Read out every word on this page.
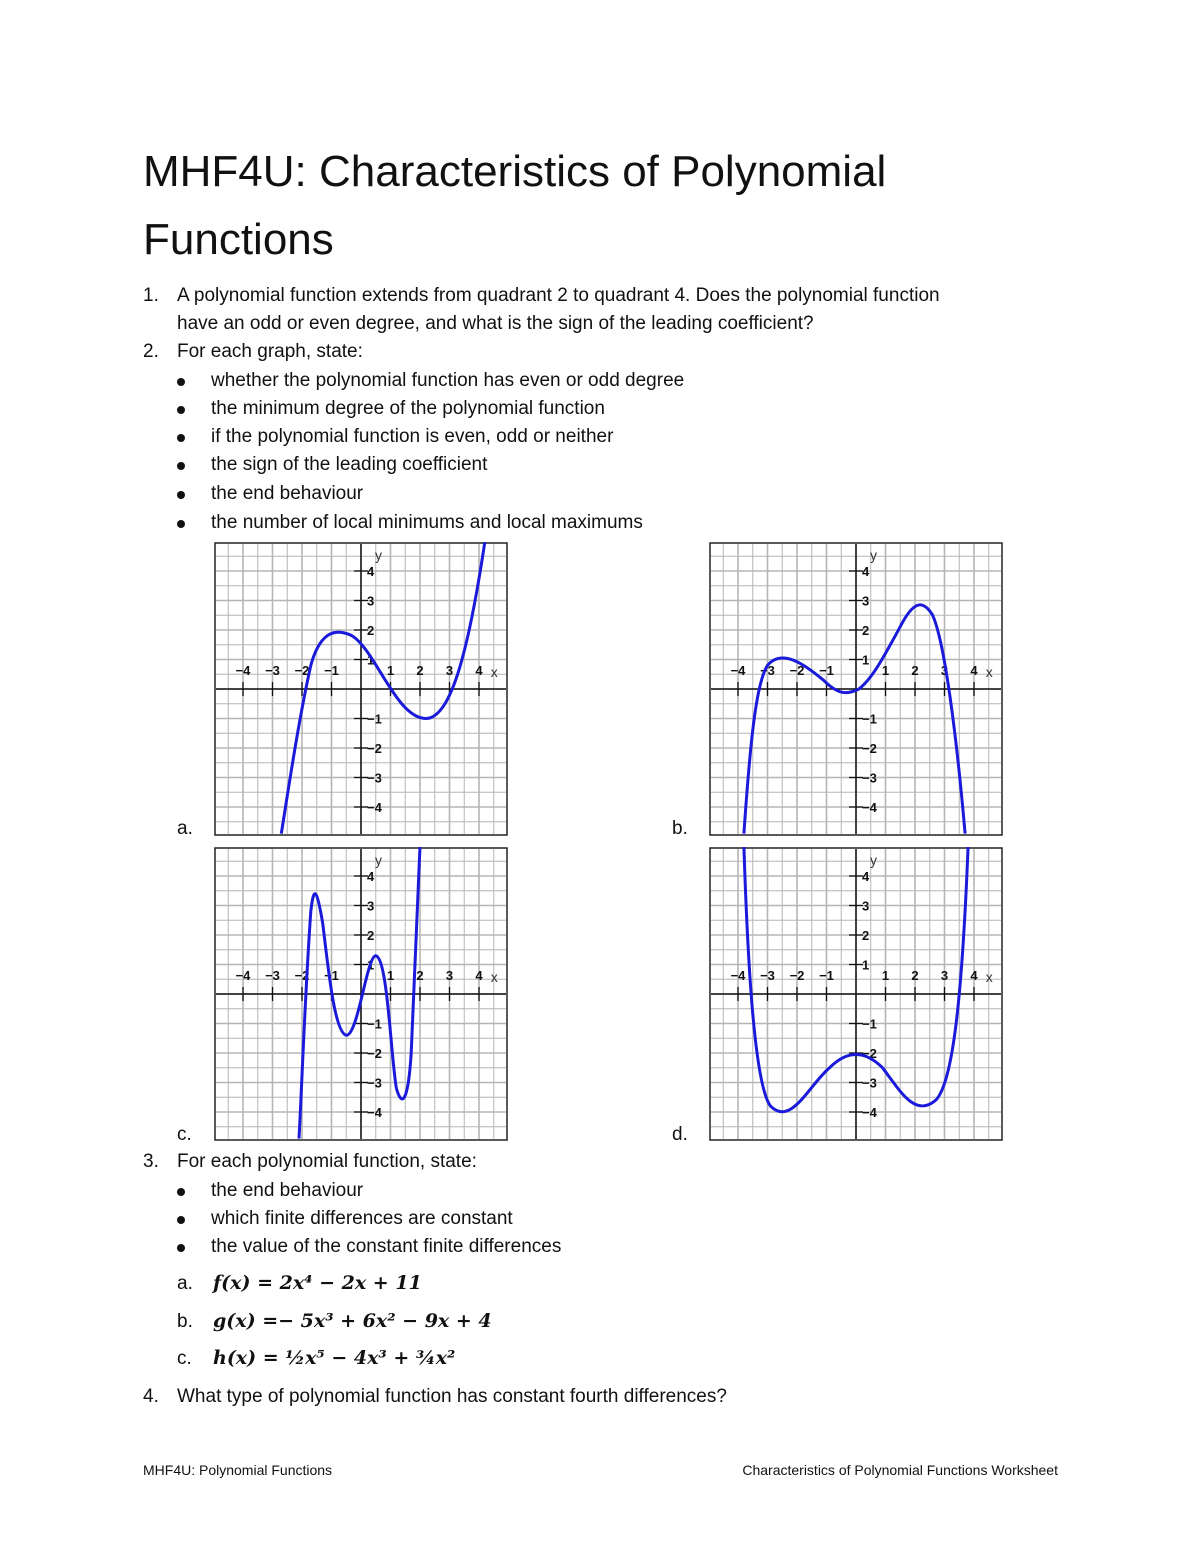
MHF4U: Characteristics of Polynomial Functions
1. A polynomial function extends from quadrant 2 to quadrant 4. Does the polynomial function
have an odd or even degree, and what is the sign of the leading coefficient?
2. For each graph, state:
whether the polynomial function has even or odd degree
the minimum degree of the polynomial function
if the polynomial function is even, odd or neither
the sign of the leading coefficient
the end behaviour
the number of local minimums and local maximums
a.	b.
c.	d.
−4 −3 −2 −1	1 2 3 4
4
3
2
1
−1
−2
−3
−4
x
y
−4 −3 −2 −1	1 2 3 4
4
3
2
1
−1
−2
−3
−4
x
y
−4 −3 −2 −1	1 2 3 4
4
3
2
1
−1
−2
−3
−4
x
y
−4 −3 −2 −1	1 2 3 4
4
3
2
1
−1
−2
−3
−4
x
y
3. For each polynomial function, state:
the end behaviour
which finite differences are constant
the value of the constant finite differences
a. f(x) = 2x⁴ − 2x + 11
b. g(x) =− 5x³ + 6x² − 9x + 4
c. h(x) = ½x⁵ − 4x³ + ¾x²
4. What type of polynomial function has constant fourth differences?
MHF4U: Polynomial Functions	Characteristics of Polynomial Functions Worksheet
